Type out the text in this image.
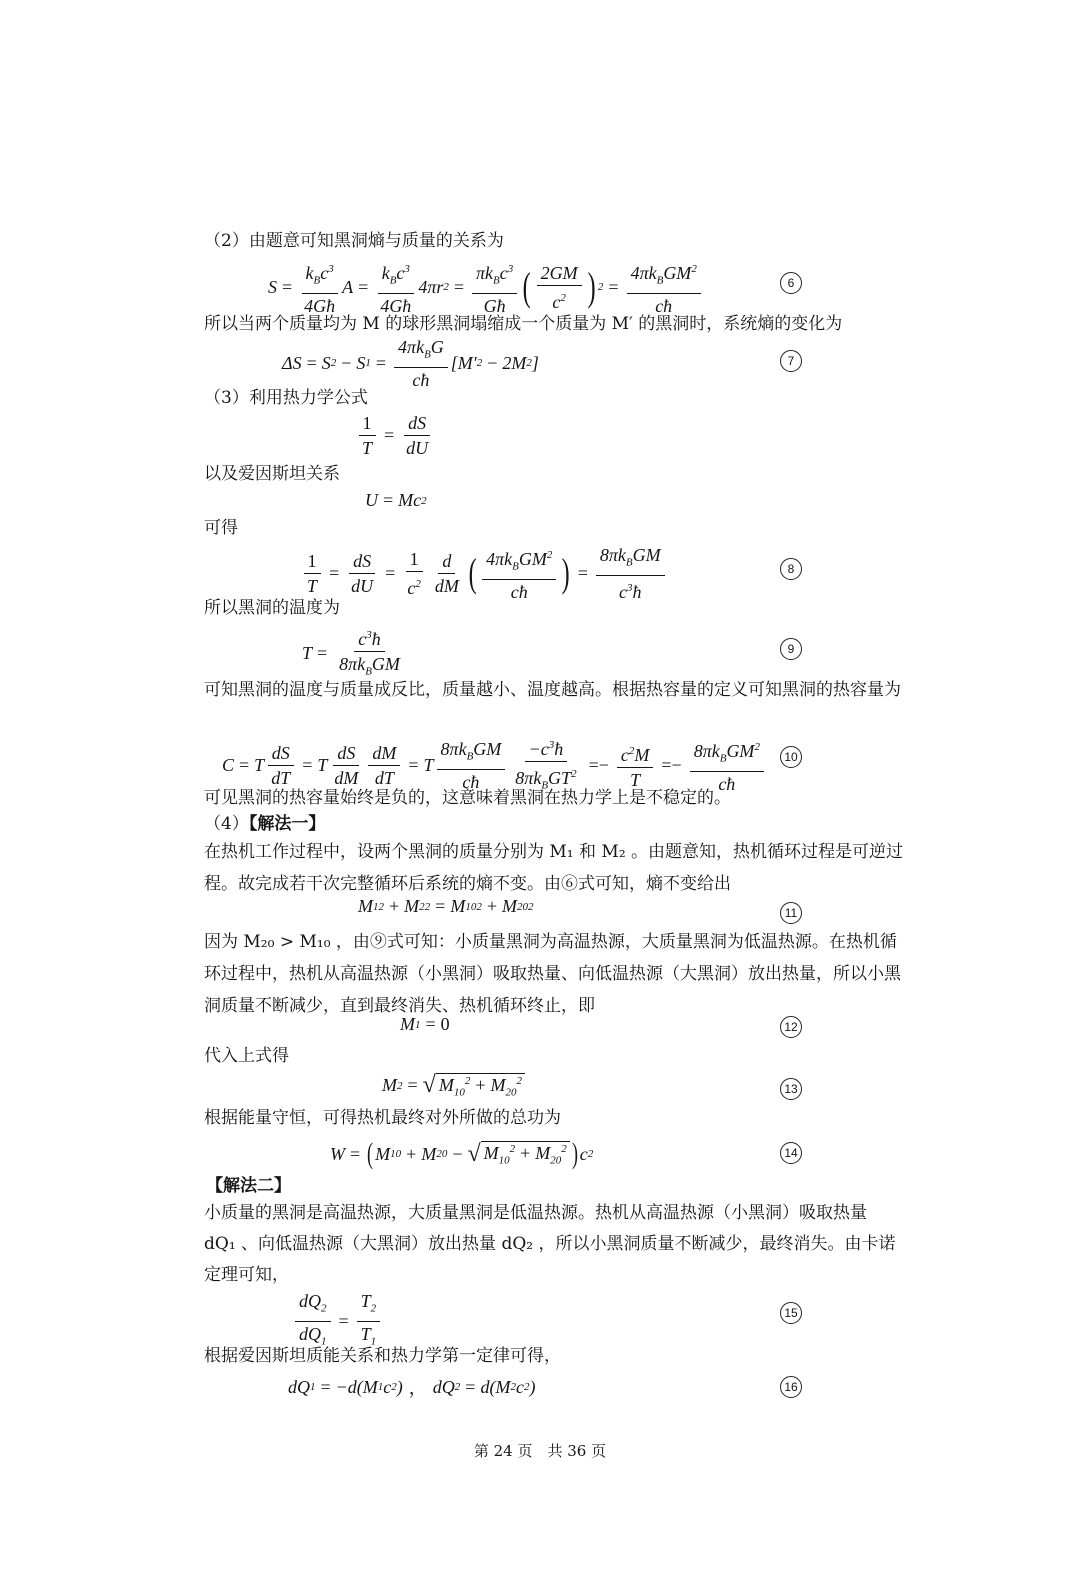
（2）由题意可知黑洞熵与质量的关系为
$S = \frac{k_Bc^3}{4Għ}$ $A = \frac{k_Bc^3}{4Għ} 4\pi r$ $2 = \frac{\pi k_Bc^3}{Għ}$ ( $\frac{2GM}{c^2}$ ) $2 = \frac{4\pi k_BGM^2}{cħ}$	6
所以当两个质量均为 M 的球形黑洞塌缩成一个质量为 M′ 的黑洞时，系统熵的变化为
ΔS = S 2 − S $1 = \frac{4\pi k_BG}{cħ} [M'$ 2 − 2M 2 ]	7
（3）利用热力学公式
$\frac{1}{T} = \frac{dS}{dU}$
以及爱因斯坦关系
U = Mc 2
可得
$\frac{1}{T} = \frac{dS}{dU} = \frac{1}{c^2} \frac{d}{dM}$ ( $\frac{4\pi k_BGM^2}{cħ}$ ) = $\frac{8\pi k_BGM}{c^3ħ}$	8
所以黑洞的温度为
$T = \frac{c^3ħ}{8\pi k_BGM}$	9
可知黑洞的温度与质量成反比，质量越小、温度越高。根据热容量的定义可知黑洞的热容量为
C = T $\frac{dS}{dT} = T \frac{dS}{dM} \frac{dM}{dT} = T \frac{8\pi k_BGM}{cħ} \frac{-c^3ħ}{8\pi k_BGT^2} =- \frac{c^2M}{T} =- \frac{8\pi k_BGM^2}{cħ}$	10
可见黑洞的热容量始终是负的，这意味着黑洞在热力学上是不稳定的。
（4）【解法一】
在热机工作过程中，设两个黑洞的质量分别为 M₁ 和 M₂ 。由题意知，热机循环过程是可逆过程。故完成若干次完整循环后系统的熵不变。由⑥式可知，熵不变给出
M 1 2 + M 2 2 = M 10 2 + M 20 2	11
因为 M₂₀ > M₁₀ ，由⑨式可知：小质量黑洞为高温热源，大质量黑洞为低温热源。在热机循环过程中，热机从高温热源（小黑洞）吸取热量、向低温热源（大黑洞）放出热量，所以小黑洞质量不断减少，直到最终消失、热机循环终止，即
M 1 = 0	12
代入上式得
M 2 = √ $M_{10}^2 + M_{20}^2$
13
根据能量守恒，可得热机最终对外所做的总功为
W = ( M 10 + M 20 − √ $M_{10}^2 + M_{20}^2$ ) c 2	14
【解法二】
小质量的黑洞是高温热源，大质量黑洞是低温热源。热机从高温热源（小黑洞）吸取热量 dQ₁ 、向低温热源（大黑洞）放出热量 dQ₂ ，所以小黑洞质量不断减少，最终消失。由卡诺定理可知，
$\frac{dQ_2}{dQ_1} = \frac{T_2}{T_1}$	15
根据爱因斯坦质能关系和热力学第一定律可得，
dQ 1 = −d(M 1 c 2 ) ， dQ 2 = d(M 2 c 2 )	16
第 24 页　共 36 页
